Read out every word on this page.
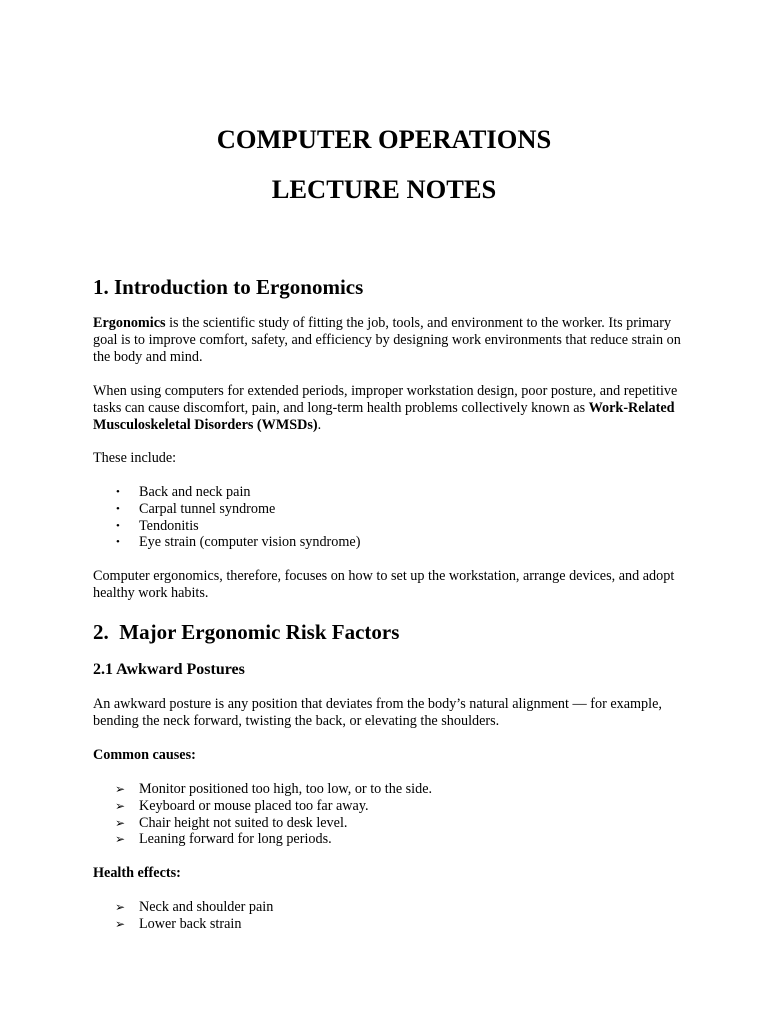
COMPUTER OPERATIONS
LECTURE NOTES
1. Introduction to Ergonomics

Ergonomics is the scientific study of fitting the job, tools, and environment to the worker. Its primary goal is to improve comfort, safety, and efficiency by designing work environments that reduce strain on the body and mind.

When using computers for extended periods, improper workstation design, poor posture, and repetitive tasks can cause discomfort, pain, and long-term health problems collectively known as Work-Related Musculoskeletal Disorders (WMSDs).

These include:

• Back and neck pain
• Carpal tunnel syndrome
• Tendonitis
• Eye strain (computer vision syndrome)

Computer ergonomics, therefore, focuses on how to set up the workstation, arrange devices, and adopt healthy work habits.

2.  Major Ergonomic Risk Factors
2.1 Awkward Postures

An awkward posture is any position that deviates from the body’s natural alignment — for example, bending the neck forward, twisting the back, or elevating the shoulders.

Common causes:

➢ Monitor positioned too high, too low, or to the side.
➢ Keyboard or mouse placed too far away.
➢ Chair height not suited to desk level.
➢ Leaning forward for long periods.

Health effects:

➢ Neck and shoulder pain
➢ Lower back strain
